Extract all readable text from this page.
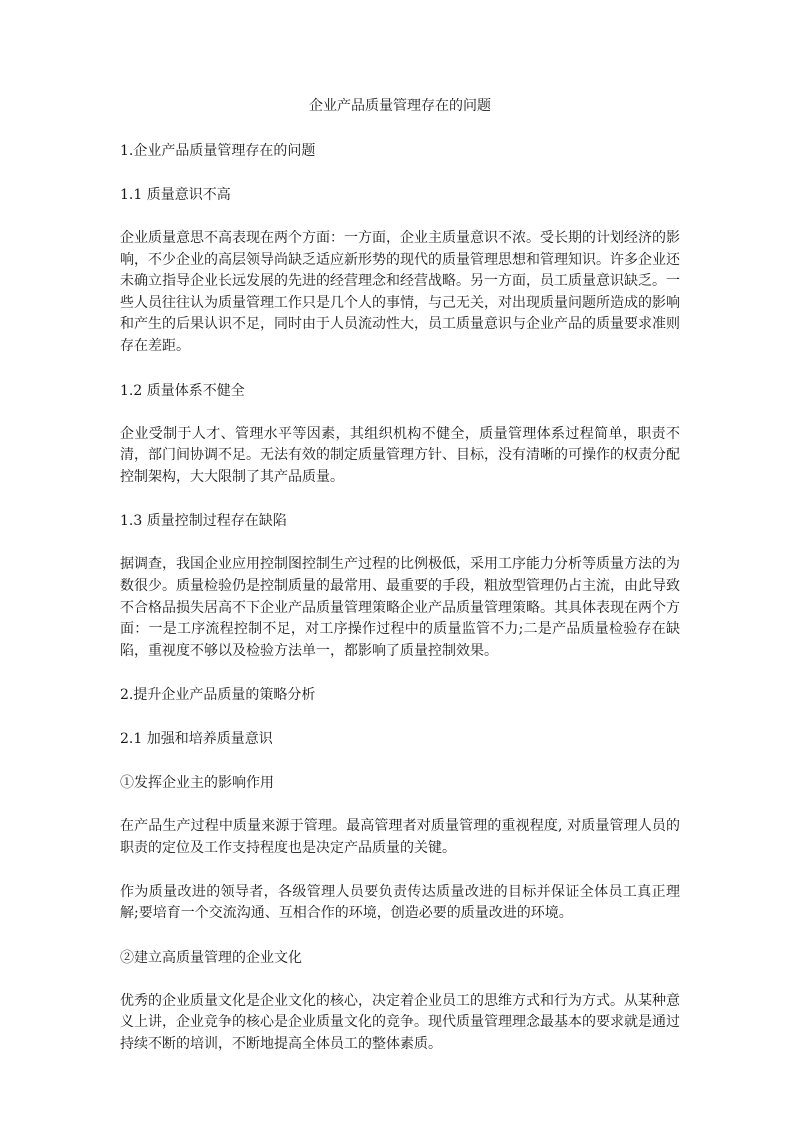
企业产品质量管理存在的问题
1.企业产品质量管理存在的问题
1.1 质量意识不高
企业质量意思不高表现在两个方面：一方面，企业主质量意识不浓。受长期的计划经济的影响，不少企业的高层领导尚缺乏适应新形势的现代的质量管理思想和管理知识。许多企业还未确立指导企业长远发展的先进的经营理念和经营战略。另一方面，员工质量意识缺乏。一些人员往往认为质量管理工作只是几个人的事情，与己无关，对出现质量问题所造成的影响和产生的后果认识不足，同时由于人员流动性大，员工质量意识与企业产品的质量要求准则存在差距。
1.2 质量体系不健全
企业受制于人才、管理水平等因素，其组织机构不健全，质量管理体系过程简单，职责不清，部门间协调不足。无法有效的制定质量管理方针、目标，没有清晰的可操作的权责分配控制架构，大大限制了其产品质量。
1.3 质量控制过程存在缺陷
据调查，我国企业应用控制图控制生产过程的比例极低，采用工序能力分析等质量方法的为数很少。质量检验仍是控制质量的最常用、最重要的手段，粗放型管理仍占主流，由此导致不合格品损失居高不下企业产品质量管理策略企业产品质量管理策略。其具体表现在两个方面：一是工序流程控制不足，对工序操作过程中的质量监管不力;二是产品质量检验存在缺陷，重视度不够以及检验方法单一，都影响了质量控制效果。
2.提升企业产品质量的策略分析
2.1 加强和培养质量意识
①发挥企业主的影响作用
在产品生产过程中质量来源于管理。最高管理者对质量管理的重视程度, 对质量管理人员的职责的定位及工作支持程度也是决定产品质量的关键。
作为质量改进的领导者，各级管理人员要负责传达质量改进的目标并保证全体员工真正理解;要培育一个交流沟通、互相合作的环境，创造必要的质量改进的环境。
②建立高质量管理的企业文化
优秀的企业质量文化是企业文化的核心，决定着企业员工的思维方式和行为方式。从某种意义上讲，企业竞争的核心是企业质量文化的竞争。现代质量管理理念最基本的要求就是通过持续不断的培训，不断地提高全体员工的整体素质。
